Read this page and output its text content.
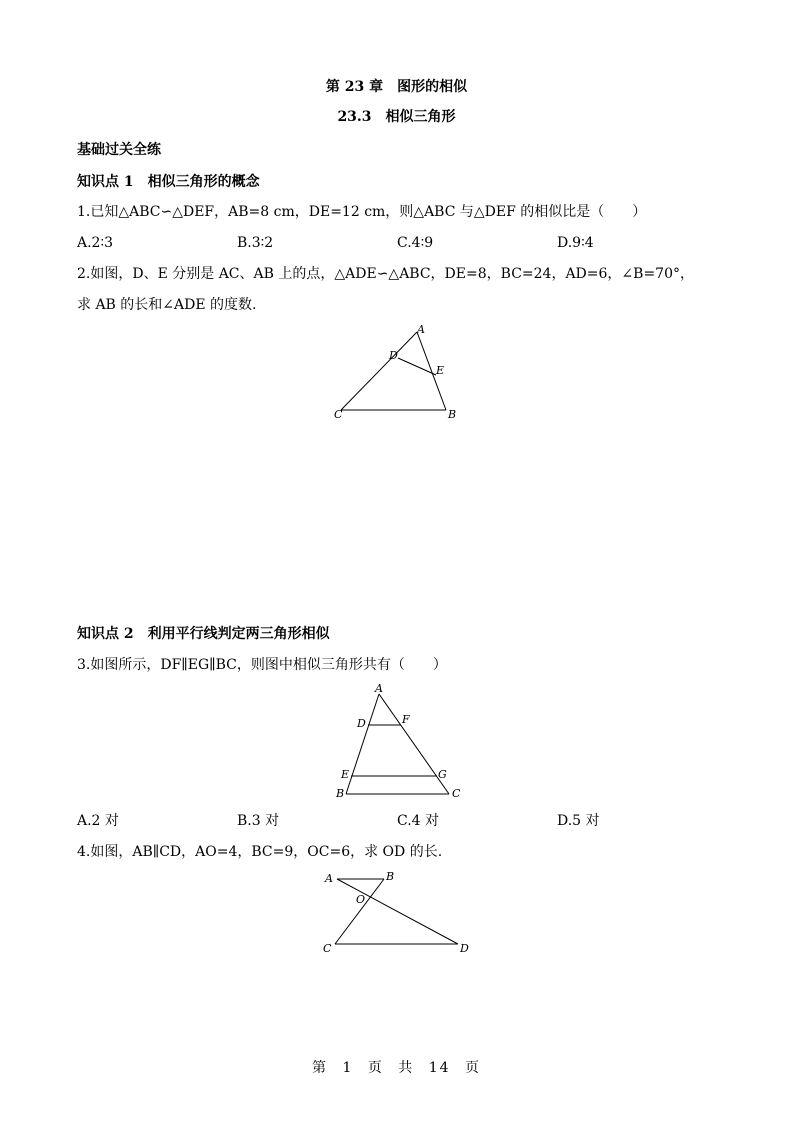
第 23 章　图形的相似
23.3　相似三角形
基础过关全练
知识点 1　相似三角形的概念
1.已知△ABC∽△DEF，AB=8 cm，DE=12 cm，则△ABC 与△DEF 的相似比是（　　）
A.2∶3	B.3∶2	C.4∶9	D.9∶4
2.如图，D、E 分别是 AC、AB 上的点，△ADE∽△ABC，DE=8，BC=24，AD=6，∠B=70°，
求 AB 的长和∠ADE 的度数.
A
D
E
C	B
知识点 2　利用平行线判定两三角形相似
3.如图所示，DF∥EG∥BC，则图中相似三角形共有（　　）
A
D	F
E	G
B	C
A.2 对	B.3 对	C.4 对	D.5 对
4.如图，AB∥CD，AO=4，BC=9，OC=6，求 OD 的长.
A	B
O
C	D
第 1 页 共 14 页
